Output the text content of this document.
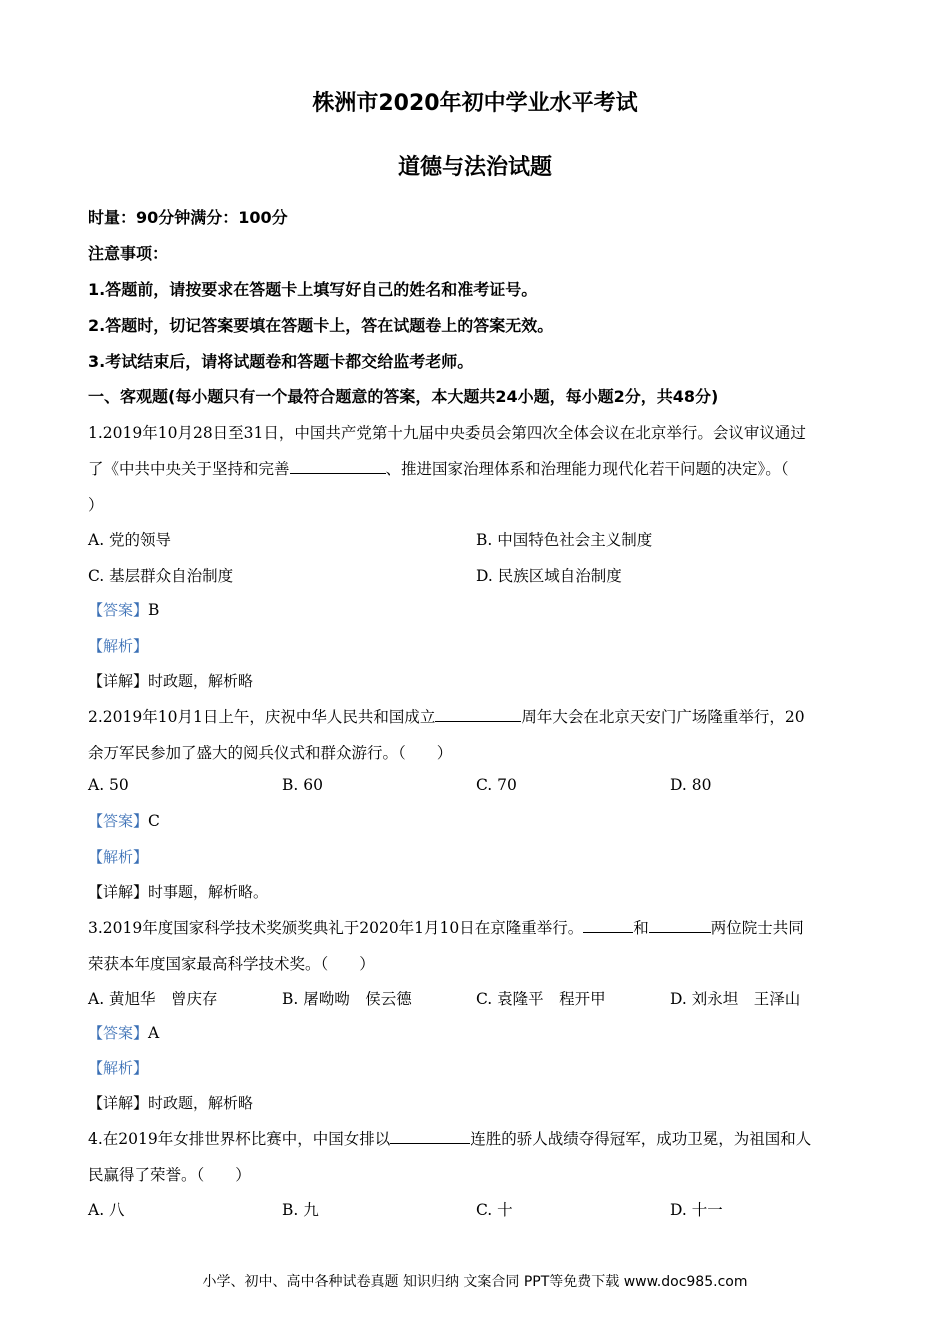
株洲市2020年初中学业水平考试
道德与法治试题
时量：90分钟满分：100分
注意事项：
1.答题前，请按要求在答题卡上填写好自己的姓名和准考证号。
2.答题时，切记答案要填在答题卡上，答在试题卷上的答案无效。
3.考试结束后，请将试题卷和答题卡都交给监考老师。
一、客观题(每小题只有一个最符合题意的答案，本大题共24小题，每小题2分，共48分)
1.2019年10月28日至31日，中国共产党第十九届中央委员会第四次全体会议在北京举行。会议审议通过
了《中共中央关于坚持和完善	、推进国家治理体系和治理能力现代化若干问题的决定》。（
）
A. 党的领导	B. 中国特色社会主义制度
C. 基层群众自治制度	D. 民族区域自治制度
【答案】B
【解析】
【详解】时政题，解析略
2.2019年10月1日上午，庆祝中华人民共和国成立	周年大会在北京天安门广场隆重举行，20
余万军民参加了盛大的阅兵仪式和群众游行。（　　）
A. 50	B. 60	C. 70	D. 80
【答案】C
【解析】
【详解】时事题，解析略。
3.2019年度国家科学技术奖颁奖典礼于2020年1月10日在京隆重举行。	和	两位院士共同
荣获本年度国家最高科学技术奖。（　　）
A. 黄旭华　曾庆存	B. 屠呦呦　侯云德	C. 袁隆平　程开甲	D. 刘永坦　王泽山
【答案】A
【解析】
【详解】时政题，解析略
4.在2019年女排世界杯比赛中，中国女排以	连胜的骄人战绩夺得冠军，成功卫冕，为祖国和人
民赢得了荣誉。（　　）
A. 八	B. 九	C. 十	D. 十一
小学、初中、高中各种试卷真题 知识归纳 文案合同 PPT等免费下载 www.doc985.com
